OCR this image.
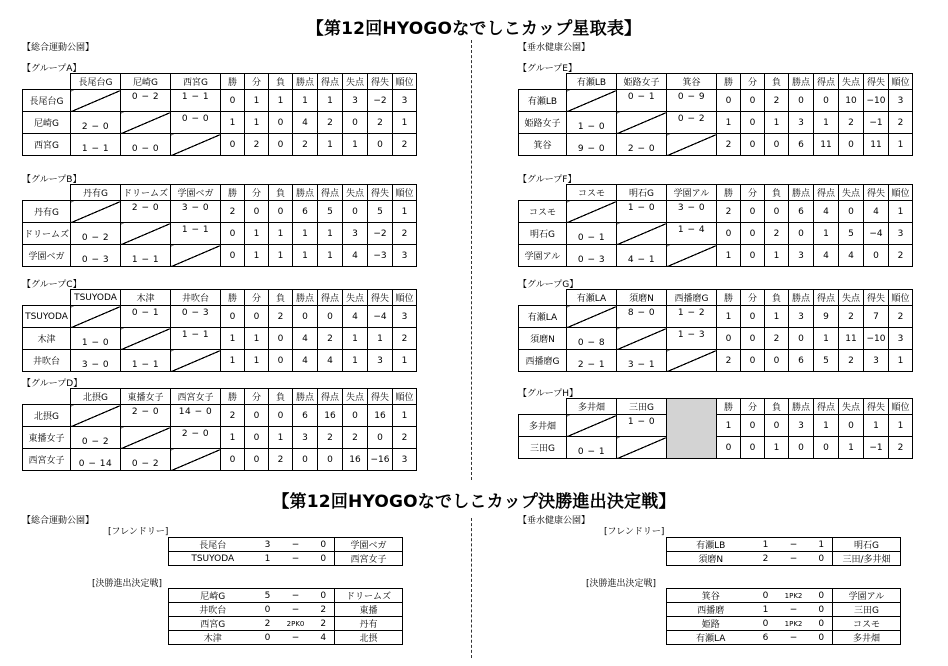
【第12回HYOGOなでしこカップ星取表】
【総合運動公園】	【垂水健康公園】
【グループA】
	長尾台G	尼崎G	西宮G	勝	分	負	勝点	得点	失点	得失	順位
長尾台G		0 − 2	1 − 1	0	1	1	1	1	3	−2	3
尼崎G	2 − 0		0 − 0	1	1	0	4	2	0	2	1
西宮G	1 − 1	0 − 0		0	2	0	2	1	1	0	2
【グループB】
	丹有G	ドリームズ	学園ベガ	勝	分	負	勝点	得点	失点	得失	順位
丹有G		2 − 0	3 − 0	2	0	0	6	5	0	5	1
ドリームズ	0 − 2		1 − 1	0	1	1	1	1	3	−2	2
学園ベガ	0 − 3	1 − 1		0	1	1	1	1	4	−3	3
【グループC】
	TSUYODA	木津	井吹台	勝	分	負	勝点	得点	失点	得失	順位
TSUYODA		0 − 1	0 − 3	0	0	2	0	0	4	−4	3
木津	1 − 0		1 − 1	1	1	0	4	2	1	1	2
井吹台	3 − 0	1 − 1		1	1	0	4	4	1	3	1
【グループD】
	北摂G	東播女子	西宮女子	勝	分	負	勝点	得点	失点	得失	順位
北摂G		2 − 0	14 − 0	2	0	0	6	16	0	16	1
東播女子	0 − 2		2 − 0	1	0	1	3	2	2	0	2
西宮女子	0 − 14	0 − 2		0	0	2	0	0	16	−16	3
【グループE】
	有瀬LB	姫路女子	箕谷	勝	分	負	勝点	得点	失点	得失	順位
有瀬LB		0 − 1	0 − 9	0	0	2	0	0	10	−10	3
姫路女子	1 − 0		0 − 2	1	0	1	3	1	2	−1	2
箕谷	9 − 0	2 − 0		2	0	0	6	11	0	11	1
【グループF】
	コスモ	明石G	学園アル	勝	分	負	勝点	得点	失点	得失	順位
コスモ		1 − 0	3 − 0	2	0	0	6	4	0	4	1
明石G	0 − 1		1 − 4	0	0	2	0	1	5	−4	3
学園アル	0 − 3	4 − 1		1	0	1	3	4	4	0	2
【グループG】
	有瀬LA	須磨N	西播磨G	勝	分	負	勝点	得点	失点	得失	順位
有瀬LA		8 − 0	1 − 2	1	0	1	3	9	2	7	2
須磨N	0 − 8		1 − 3	0	0	2	0	1	11	−10	3
西播磨G	2 − 1	3 − 1		2	0	0	6	5	2	3	1
【グループH】
	多井畑	三田G		勝	分	負	勝点	得点	失点	得失	順位
多井畑		1 − 0		1	0	0	3	1	0	1	1
三田G	0 − 1			0	0	1	0	0	1	−1	2
【第12回HYOGOなでしこカップ決勝進出決定戦】
【総合運動公園】	【垂水健康公園】
[フレンドリー]
[決勝進出決定戦]
[フレンドリー]
[決勝進出決定戦]
長尾台	3	−	0	学園ベガ
TSUYODA	1	−	0	西宮女子
尼崎G	5	−	0	ドリームズ
井吹台	0	−	2	東播
西宮G	2	2PK0	2	丹有
木津	0	−	4	北摂
有瀬LB	1	−	1	明石G
須磨N	2	−	0	三田/多井畑
箕谷	0	1PK2	0	学園アル
西播磨	1	−	0	三田G
姫路	0	1PK2	0	コスモ
有瀬LA	6	−	0	多井畑
